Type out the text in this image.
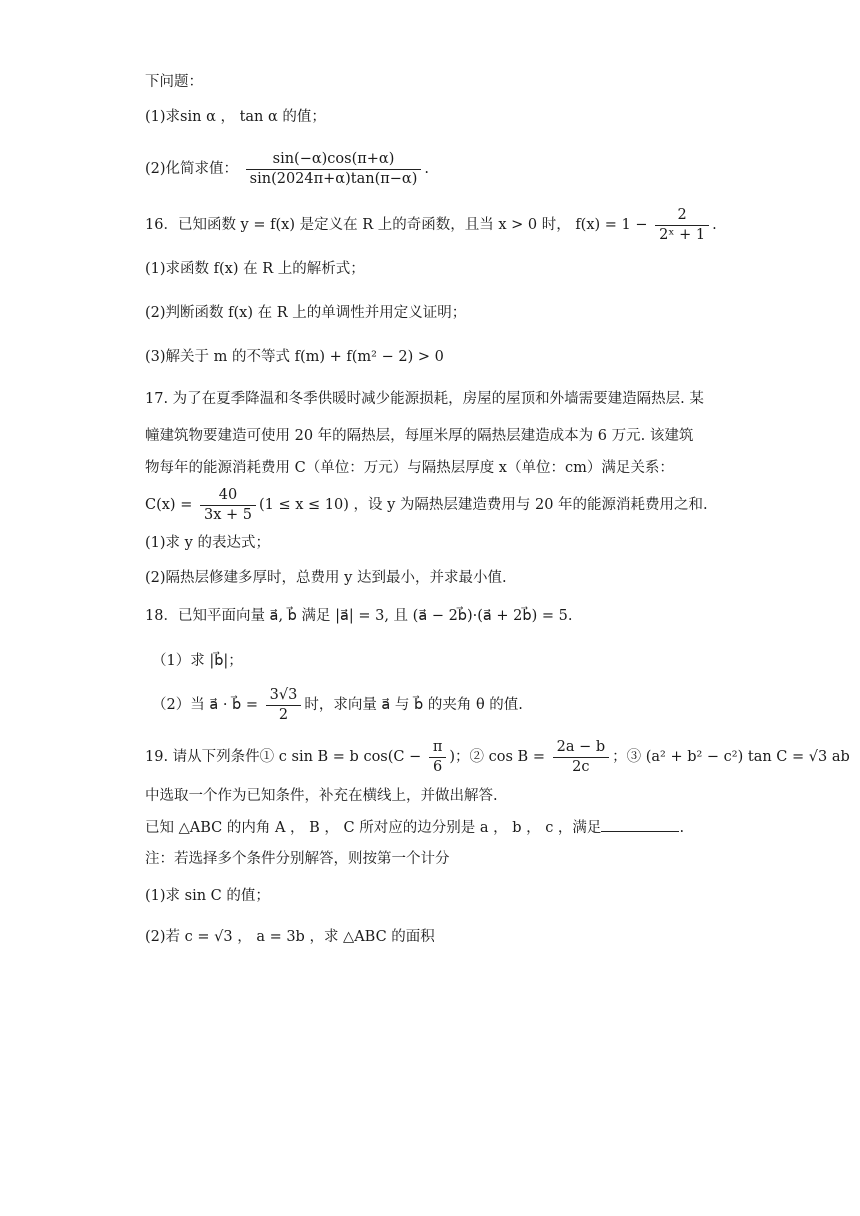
下问题：
(1)求sin α ， tan α 的值；
(2)化简求值： $\frac{\sin(-\alpha)\cos(\pi+\alpha)}{\sin(2024\pi+\alpha)\tan(\pi-\alpha)}$ .
16．已知函数 y = f(x) 是定义在 R 上的奇函数，且当 x > 0 时， $f(x) = 1 - \frac{2}{\text{2ˣ + 1}}$ .
(1)求函数 f(x) 在 R 上的解析式；
(2)判断函数 f(x) 在 R 上的单调性并用定义证明；
(3)解关于 m 的不等式 f(m) + f(m² − 2) > 0
17. 为了在夏季降温和冬季供暖时减少能源损耗，房屋的屋顶和外墙需要建造隔热层. 某
幢建筑物要建造可使用 20 年的隔热层，每厘米厚的隔热层建造成本为 6 万元. 该建筑
物每年的能源消耗费用 C（单位：万元）与隔热层厚度 x（单位：cm）满足关系：
$C(x) = \frac{40}{3x + 5} (1 \le x \le 10)$ ，设 y 为隔热层建造费用与 20 年的能源消耗费用之和.
(1)求 y 的表达式；
(2)隔热层修建多厚时，总费用 y 达到最小，并求最小值.
18．已知平面向量 a⃗, b⃗ 满足 |a⃗| = 3, 且 (a⃗ − 2b⃗)·(a⃗ + 2b⃗) = 5.
（1）求 |b⃗|；
（2）当 a⃗ · b⃗ = $\frac{3√3}{2}$ 时，求向量 a⃗ 与 b⃗ 的夹角 θ 的值.
19. 请从下列条件① c sin B = b $\cos(C - \frac{\pi}{6}$ )；② $\cos B = \frac{2a - b}{2c}$ ；③ (a² + b² − c²) tan C = √3 ab
中选取一个作为已知条件，补充在横线上，并做出解答.
已知 △ABC 的内角 A ， B ， C 所对应的边分别是 a ， b ， c ，满足	.
注：若选择多个条件分别解答，则按第一个计分
(1)求 sin C 的值；
(2)若 c = √3 ， a = 3b ，求 △ABC 的面积
